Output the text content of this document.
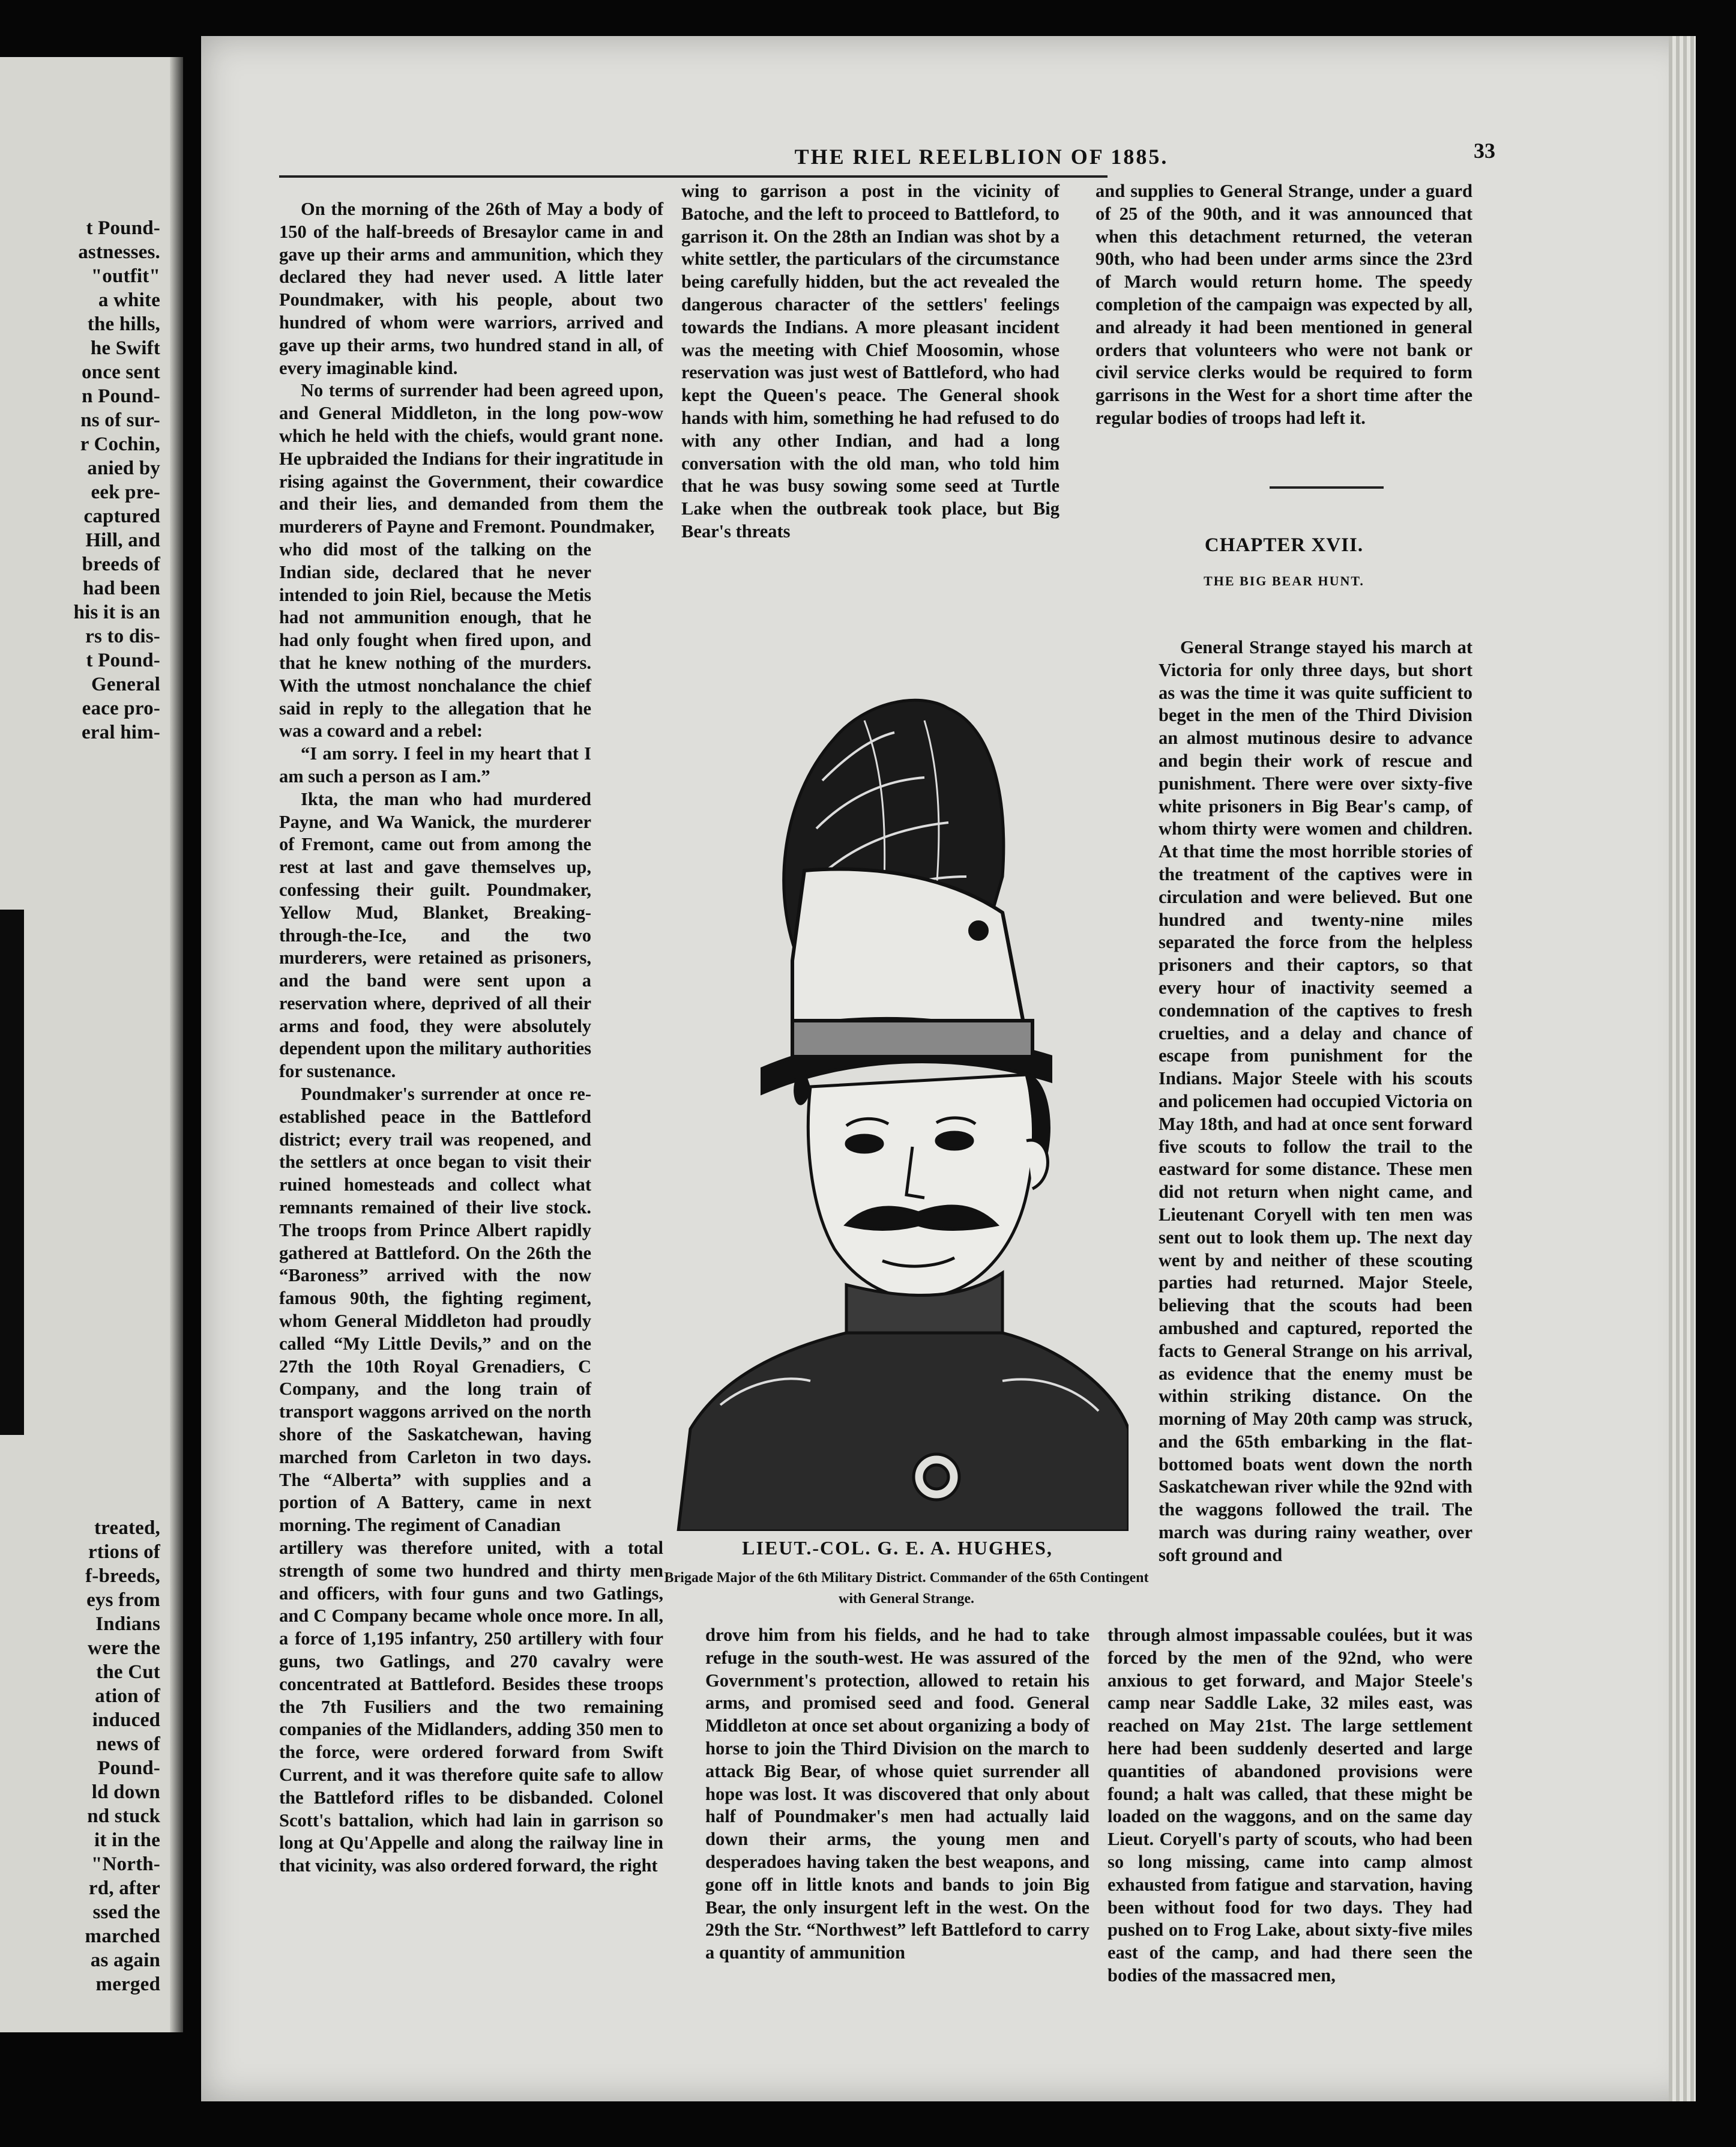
t Pound-
astnesses.
"outfit"
a white
the hills,
he Swift
once sent
n Pound-
ns of sur-
r Cochin,
anied by
eek pre-
captured
Hill, and
breeds of
had been
his it is an
rs to dis-
t Pound-
General
eace pro-
eral him-
treated,
rtions of
f-breeds,
eys from
Indians
were the
the Cut
ation of
induced
news of
Pound-
ld down
nd stuck
it in the
"North-
rd, after
ssed the
marched
as again
merged
THE RIEL REELBLION OF 1885.	33

On the morning of the 26th of May a body of 150 of the half-breeds of Bresaylor came in and gave up their arms and ammunition, which they declared they had never used. A little later Poundmaker, with his people, about two hundred of whom were warriors, arrived and gave up their arms, two hundred stand in all, of every imaginable kind.

No terms of surrender had been agreed upon, and General Middleton, in the long pow-wow which he held with the chiefs, would grant none. He upbraided the Indians for their ingratitude in rising against the Government, their cowardice and their lies, and demanded from them the murderers of Payne and Fremont. Poundmaker,

who did most of the talking on the Indian side, declared that he never intended to join Riel, because the Metis had not ammunition enough, that he had only fought when fired upon, and that he knew nothing of the murders. With the utmost nonchalance the chief said in reply to the allegation that he was a coward and a rebel:

“I am sorry. I feel in my heart that I am such a person as I am.”

Ikta, the man who had murdered Payne, and Wa Wanick, the murderer of Fremont, came out from among the rest at last and gave themselves up, confessing their guilt. Poundmaker, Yellow Mud, Blanket, Breaking-through-the-Ice, and the two murderers, were retained as prisoners, and the band were sent upon a reservation where, deprived of all their arms and food, they were absolutely dependent upon the military authorities for sustenance.

Poundmaker's surrender at once re-established peace in the Battleford district; every trail was reopened, and the settlers at once began to visit their ruined homesteads and collect what remnants remained of their live stock. The troops from Prince Albert rapidly gathered at Battleford. On the 26th the “Baroness” arrived with the now famous 90th, the fighting regiment, whom General Middleton had proudly called “My Little Devils,” and on the 27th the 10th Royal Grenadiers, C Company, and the long train of transport waggons arrived on the north shore of the Saskatchewan, having marched from Carleton in two days. The “Alberta” with supplies and a portion of A Battery, came in next morning. The regiment of Canadian

artillery was therefore united, with a total strength of some two hundred and thirty men and officers, with four guns and two Gatlings, and C Company became whole once more. In all, a force of 1,195 infantry, 250 artillery with four guns, two Gatlings, and 270 cavalry were concentrated at Battleford. Besides these troops the 7th Fusiliers and the two remaining companies of the Midlanders, adding 350 men to the force, were ordered forward from Swift Current, and it was therefore quite safe to allow the Battleford rifles to be disbanded. Colonel Scott's battalion, which had lain in garrison so long at Qu'Appelle and along the railway line in that vicinity, was also ordered forward, the right

wing to garrison a post in the vicinity of Batoche, and the left to proceed to Battleford, to garrison it. On the 28th an Indian was shot by a white settler, the particulars of the circumstance being carefully hidden, but the act revealed the dangerous character of the settlers' feelings towards the Indians. A more pleasant incident was the meeting with Chief Moosomin, whose reservation was just west of Battleford, who had kept the Queen's peace. The General shook hands with him, something he had refused to do with any other Indian, and had a long conversation with the old man, who told him that he was busy sowing some seed at Turtle Lake when the outbreak took place, but Big Bear's threats

and supplies to General Strange, under a guard of 25 of the 90th, and it was announced that when this detachment returned, the veteran 90th, who had been under arms since the 23rd of March would return home. The speedy completion of the campaign was expected by all, and already it had been mentioned in general orders that volunteers who were not bank or civil service clerks would be required to form garrisons in the West for a short time after the regular bodies of troops had left it.

CHAPTER XVII.
THE BIG BEAR HUNT.

General Strange stayed his march at Victoria for only three days, but short as was the time it was quite sufficient to beget in the men of the Third Division an almost mutinous desire to advance and begin their work of rescue and punishment. There were over sixty-five white prisoners in Big Bear's camp, of whom thirty were women and children. At that time the most horrible stories of the treatment of the captives were in circulation and were believed. But one hundred and twenty-nine miles separated the force from the helpless prisoners and their captors, so that every hour of inactivity seemed a condemnation of the captives to fresh cruelties, and a delay and chance of escape from punishment for the Indians. Major Steele with his scouts and policemen had occupied Victoria on May 18th, and had at once sent forward five scouts to follow the trail to the eastward for some distance. These men did not return when night came, and Lieutenant Coryell with ten men was sent out to look them up. The next day went by and neither of these scouting parties had returned. Major Steele, believing that the scouts had been ambushed and captured, reported the facts to General Strange on his arrival, as evidence that the enemy must be within striking distance. On the morning of May 20th camp was struck, and the 65th embarking in the flat-bottomed boats went down the north Saskatchewan river while the 92nd with the waggons followed the trail. The march was during rainy weather, over soft ground and

LIEUT.-COL. G. E. A. HUGHES,
Brigade Major of the 6th Military District. Commander of the 65th Contingent
with General Strange.

drove him from his fields, and he had to take refuge in the south-west. He was assured of the Government's protection, allowed to retain his arms, and promised seed and food. General Middleton at once set about organizing a body of horse to join the Third Division on the march to attack Big Bear, of whose quiet surrender all hope was lost. It was discovered that only about half of Poundmaker's men had actually laid down their arms, the young men and desperadoes having taken the best weapons, and gone off in little knots and bands to join Big Bear, the only insurgent left in the west. On the 29th the Str. “Northwest” left Battleford to carry a quantity of ammunition

through almost impassable coulées, but it was forced by the men of the 92nd, who were anxious to get forward, and Major Steele's camp near Saddle Lake, 32 miles east, was reached on May 21st. The large settlement here had been suddenly deserted and large quantities of abandoned provisions were found; a halt was called, that these might be loaded on the waggons, and on the same day Lieut. Coryell's party of scouts, who had been so long missing, came into camp almost exhausted from fatigue and starvation, having been without food for two days. They had pushed on to Frog Lake, about sixty-five miles east of the camp, and had there seen the bodies of the massacred men,
